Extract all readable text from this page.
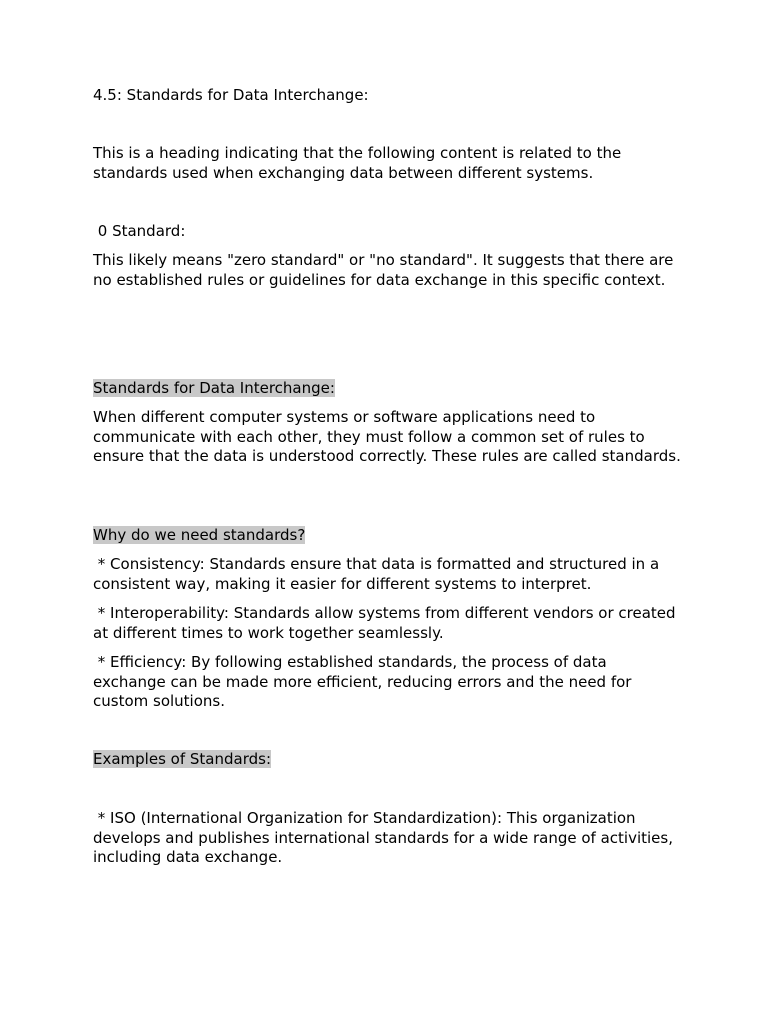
4.5: Standards for Data Interchange:

This is a heading indicating that the following content is related to the standards used when exchanging data between different systems.

0 Standard:

This likely means "zero standard" or "no standard". It suggests that there are no established rules or guidelines for data exchange in this specific context.

Standards for Data Interchange:

When different computer systems or software applications need to communicate with each other, they must follow a common set of rules to ensure that the data is understood correctly. These rules are called standards.

Why do we need standards?

* Consistency: Standards ensure that data is formatted and structured in a consistent way, making it easier for different systems to interpret.

* Interoperability: Standards allow systems from different vendors or created at different times to work together seamlessly.

* Efficiency: By following established standards, the process of data exchange can be made more efficient, reducing errors and the need for custom solutions.

Examples of Standards:

* ISO (International Organization for Standardization): This organization develops and publishes international standards for a wide range of activities, including data exchange.
